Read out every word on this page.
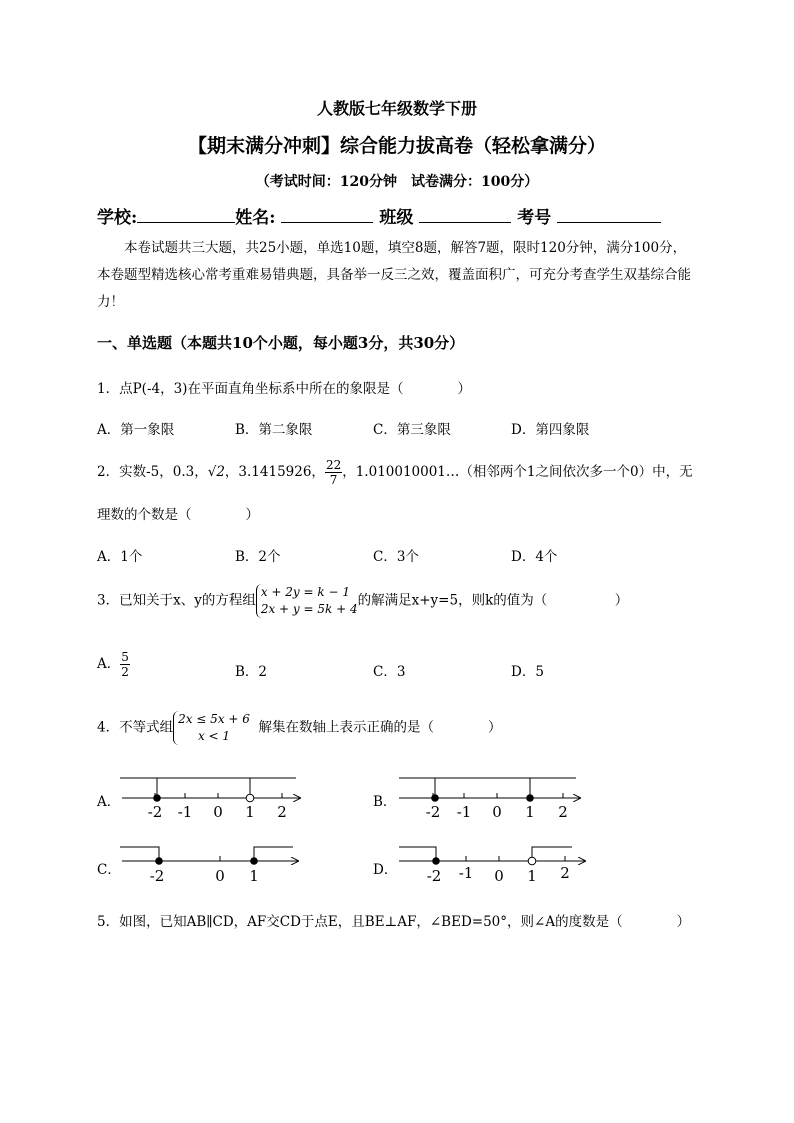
人教版七年级数学下册
【期末满分冲刺】综合能力拔高卷（轻松拿满分）
（考试时间：120分钟　试卷满分：100分）
学校:	姓名:	班级	考号

本卷试题共三大题，共25小题，单选10题，填空8题，解答7题，限时120分钟，满分100分，本卷题型精选核心常考重难易错典题，具备举一反三之效，覆盖面积广，可充分考查学生双基综合能力！

一、单选题（本题共10个小题，每小题3分，共30分）
1．点P(-4，3)在平面直角坐标系中所在的象限是（　　　　）
A．第一象限	B．第二象限	C．第三象限	D．第四象限
2．实数-5，0.3，√2，3.1415926， $\frac{22}{7}$ ，1.010010001…（相邻两个1之间依次多一个0）中，无
理数的个数是（　　　　）
A．1个	B．2个	C．3个	D．4个
3．已知关于x、y的方程组
x + 2y = k − 1
2x + y = 5k + 4
的解满足x+y=5，则k的值为（　　　　　）
A． $\frac{5}{2}$	B．2	C．3	D．5
4．不等式组
2x ≤ 5x + 6
x < 1
解集在数轴上表示正确的是（　　　　）
A．	B．
C．	D．
-2 -1 0 1 2	-2 -1 0 1 2
-2	0 1	-2 -1 0 1 2
5．如图，已知AB∥CD，AF交CD于点E，且BE⊥AF，∠BED=50°，则∠A的度数是（　　　　）
